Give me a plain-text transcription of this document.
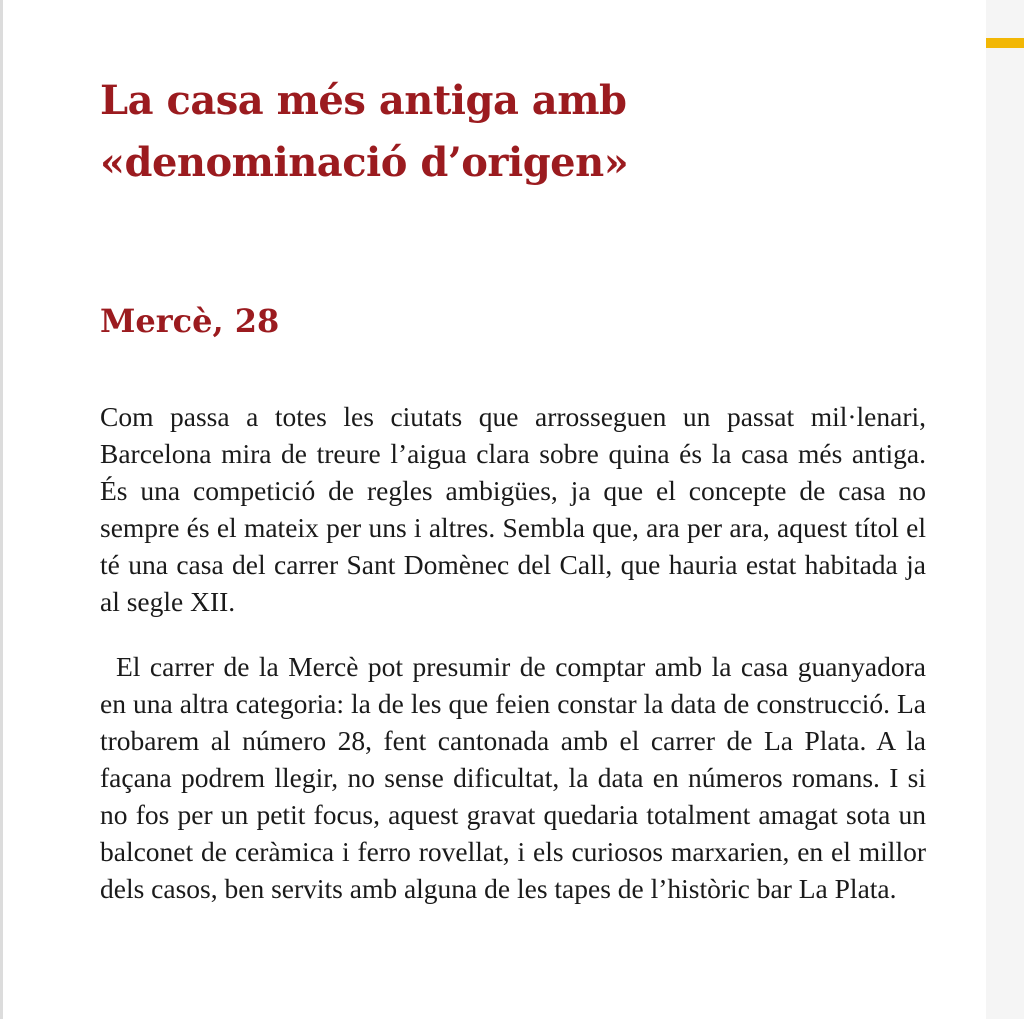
La casa més antiga amb
«denominació d’origen»
Mercè, 28

Com passa a totes les ciutats que arrosseguen un passat mil·lenari, Barcelona mira de treure l’aigua clara sobre quina és la casa més antiga. És una competició de regles ambigües, ja que el concepte de casa no sempre és el mateix per uns i altres. Sembla que, ara per ara, aquest títol el té una casa del carrer Sant Domènec del Call, que hauria estat habitada ja al segle XII.

El carrer de la Mercè pot presumir de comptar amb la casa guanyadora en una altra categoria: la de les que feien constar la data de construcció. La trobarem al número 28, fent cantonada amb el carrer de La Plata. A la façana podrem llegir, no sense dificultat, la data en números romans. I si no fos per un petit focus, aquest gravat quedaria totalment amagat sota un balconet de ceràmica i ferro rovellat, i els curiosos marxarien, en el millor dels casos, ben servits amb alguna de les tapes de l’històric bar La Plata.
